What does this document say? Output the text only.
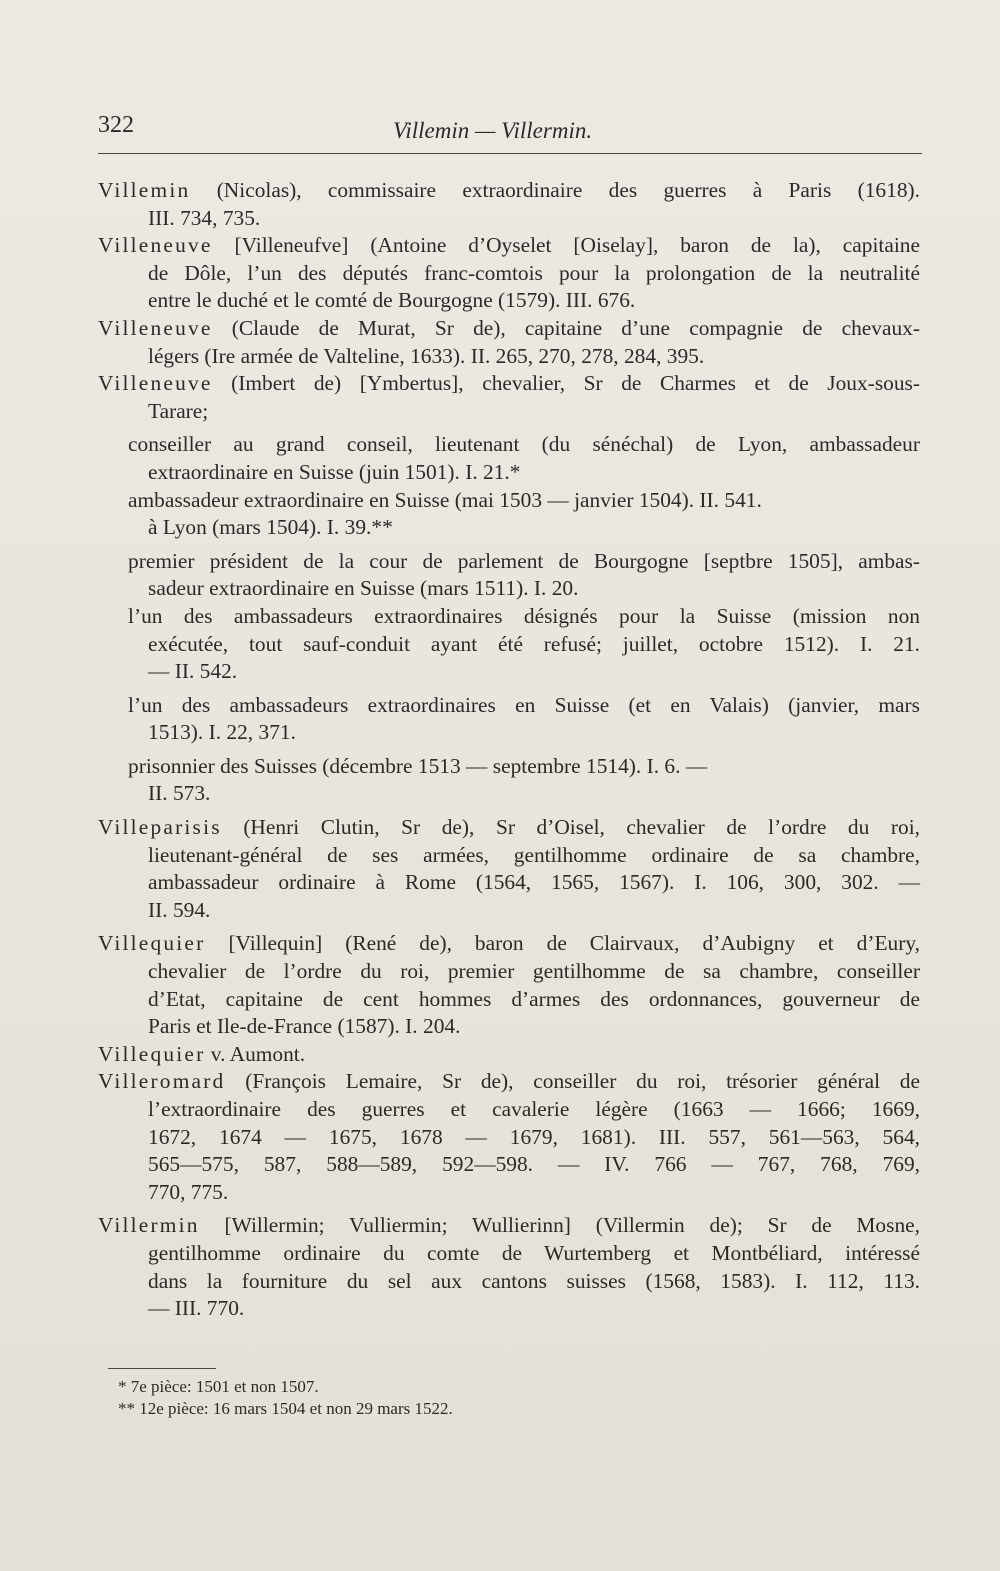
322	Villemin — Villermin.
Villemin (Nicolas), commissaire extraordinaire des guerres à Paris (1618).
III. 734, 735.
Villeneuve [Villeneufve] (Antoine d’Oyselet [Oiselay], baron de la), capitaine
de Dôle, l’un des députés franc-comtois pour la prolongation de la neutralité
entre le duché et le comté de Bourgogne (1579). III. 676.
Villeneuve (Claude de Murat, Sr de), capitaine d’une compagnie de chevaux-
légers (Ire armée de Valteline, 1633). II. 265, 270, 278, 284, 395.
Villeneuve (Imbert de) [Ymbertus], chevalier, Sr de Charmes et de Joux-sous-
Tarare;
conseiller au grand conseil, lieutenant (du sénéchal) de Lyon, ambassadeur
extraordinaire en Suisse (juin 1501). I. 21.*
ambassadeur extraordinaire en Suisse (mai 1503 — janvier 1504). II. 541.
à Lyon (mars 1504). I. 39.**
premier président de la cour de parlement de Bourgogne [septbre 1505], ambas-
sadeur extraordinaire en Suisse (mars 1511). I. 20.
l’un des ambassadeurs extraordinaires désignés pour la Suisse (mission non
exécutée, tout sauf-conduit ayant été refusé; juillet, octobre 1512). I. 21.
— II. 542.
l’un des ambassadeurs extraordinaires en Suisse (et en Valais) (janvier, mars
1513). I. 22, 371.
prisonnier des Suisses (décembre 1513 — septembre 1514). I. 6. —
II. 573.
Villeparisis (Henri Clutin, Sr de), Sr d’Oisel, chevalier de l’ordre du roi,
lieutenant-général de ses armées, gentilhomme ordinaire de sa chambre,
ambassadeur ordinaire à Rome (1564, 1565, 1567). I. 106, 300, 302. —
II. 594.
Villequier [Villequin] (René de), baron de Clairvaux, d’Aubigny et d’Eury,
chevalier de l’ordre du roi, premier gentilhomme de sa chambre, conseiller
d’Etat, capitaine de cent hommes d’armes des ordonnances, gouverneur de
Paris et Ile-de-France (1587). I. 204.
Villequier v. Aumont.
Villeromard (François Lemaire, Sr de), conseiller du roi, trésorier général de
l’extraordinaire des guerres et cavalerie légère (1663 — 1666; 1669,
1672, 1674 — 1675, 1678 — 1679, 1681). III. 557, 561—563, 564,
565—575, 587, 588—589, 592—598. — IV. 766 — 767, 768, 769,
770, 775.
Villermin [Willermin; Vulliermin; Wullierinn] (Villermin de); Sr de Mosne,
gentilhomme ordinaire du comte de Wurtemberg et Montbéliard, intéressé
dans la fourniture du sel aux cantons suisses (1568, 1583). I. 112, 113.
— III. 770.
* 7e pièce: 1501 et non 1507.
** 12e pièce: 16 mars 1504 et non 29 mars 1522.
